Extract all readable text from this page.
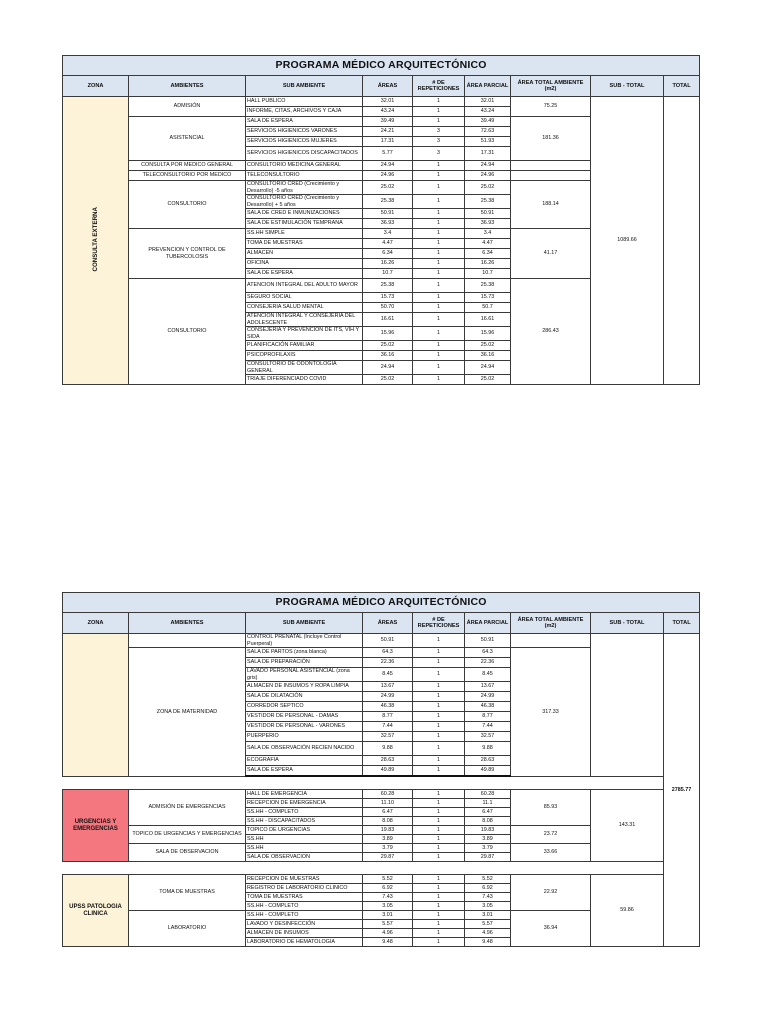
PROGRAMA MÉDICO ARQUITECTÓNICO								
ZONA	AMBIENTES	SUB AMBIENTE	ÁREAS	# DE REPETICIONES	ÁREA PARCIAL	ÁREA TOTAL AMBIENTE (m2)	SUB - TOTAL	TOTAL
CONSULTA EXTERNA	ADMISIÓN	HALL PUBLICO	32.01	1	32.01	75.25	1089.66	
		INFORME, CITAS, ARCHIVOS Y CAJA	43.24	1	43.24			
	ASISTENCIAL	SALA DE ESPERA	39.49	1	39.49	181.36		
		SERVICIOS HIGIENICOS VARONES	24.21	3	72.63			
		SERVICIOS HIGIENICOS MUJERES	17.31	3	51.93			
		SERVICIOS HIGIENICOS DISCAPACITADOS	5.77	3	17.31			
	CONSULTA POR MEDICO GENERAL	CONSULTORIO MEDICINA GENERAL	24.94	1	24.94			
	TELECONSULTORIO POR MEDICO	TELECONSULTORIO	24.96	1	24.96			
	CONSULTORIO	CONSULTORIO CRED (Crecimiento y Desarrollo) -5 años	25.02	1	25.02	188.14		
		CONSULTORIO CRED (Crecimiento y Desarrollo) + 5 años	25.38	1	25.38			
		SALA DE CRED E INMUNIZACIONES	50.91	1	50.91			
		SALA DE ESTIMULACIÓN TEMPRANA	36.93	1	36.93			
	PREVENCION Y CONTROL DE TUBERCOLOSIS	SS.HH SIMPLE	3.4	1	3.4	41.17		
		TOMA DE MUESTRAS	4.47	1	4.47			
		ALMACEN	6.34	1	6.34			
		OFICINA	16.26	1	16.26			
		SALA DE ESPERA	10.7	1	10.7			
	CONSULTORIO	ATENCION INTEGRAL DEL ADULTO MAYOR	25.38	1	25.38	286.43		
		SEGURO SOCIAL	15.73	1	15.73			
		CONSEJERIA SALUD MENTAL	50.70	1	50.7			
		ATENCION INTEGRAL Y CONSEJERIA DEL ADOLESCENTE	16.61	1	16.61			
		CONSEJERIA Y PREVENCION DE ITS, VIH Y SIDA	15.96	1	15.96			
		PLANIFICACIÓN FAMILIAR	25.02	1	25.02			
		PSICOPROFILAXIS	36.16	1	36.16			
		CONSULTORIO DE ODONTOLOGIA GENERAL	24.94	1	24.94			
		TRIAJE DIFERENCIADO COVID	25.02	1	25.02			
PROGRAMA MÉDICO ARQUITECTÓNICO								
ZONA	AMBIENTES	SUB AMBIENTE	ÁREAS	# DE REPETICIONES	ÁREA PARCIAL	ÁREA TOTAL AMBIENTE (m2)	SUB - TOTAL	TOTAL
		CONTROL PRENATAL (Incluye Control Puerperal)	50.91	1	50.91			2785.77
	ZONA DE MATERNIDAD	SALA DE PARTOS (zona blanca)	64.3	1	64.3	317.33		
		SALA DE PREPARACIÓN	22.36	1	22.36			
		LAVADO PERSONAL ASISTENCIAL (zona gris)	8.45	1	8.45			
		ALMACEN DE INSUMOS Y ROPA LIMPIA	13.67	1	13.67			
		SALA DE DILATACIÓN	24.99	1	24.99			
		CORREDOR SEPTICO	46.38	1	46.38			
		VESTIDOR DE PERSONAL - DAMAS	8.77	1	8.77			
		VESTIDOR DE PERSONAL - VARONES	7.44	1	7.44			
		PUERPERIO	32.57	1	32.57			
		SALA DE OBSERVACIÓN RECIEN NACIDO	9.88	1	9.88			
		ECOGRAFIA	28.63	1	28.63			
		SALA DE ESPERA	49.89	1	49.89			

URGENCIAS Y EMERGENCIAS	ADMISIÓN DE EMERGENCIAS	HALL DE EMERGENCIA	60.28	1	60.28	85.93	143.31	
		RECEPCION DE EMERGENCIA	11.10	1	11.1			
		SS.HH - COMPLETO	6.47	1	6.47			
		SS.HH - DISCAPACITADOS	8.08	1	8.08			
	TOPICO DE URGENCIAS Y EMERGENCIAS	TOPICO DE URGENCIAS	19.83	1	19.83	23.72		
		SS.HH	3.89	1	3.89			
	SALA DE OBSERVACION	SS.HH	3.79	1	3.79	33.66		
		SALA DE OBSERVACION	29.87	1	29.87			

UPSS PATOLOGIA CLINICA	TOMA DE MUESTRAS	RECEPCION DE MUESTRAS	5.52	1	5.52	22.92	59.86	
		REGISTRO DE LABORATORIO CLINICO	6.92	1	6.92			
		TOMA DE MUESTRAS	7.43	1	7.43			
		SS.HH - COMPLETO	3.05	1	3.05			
	LABORATORIO	SS.HH - COMPLETO	3.01	1	3.01	36.94		
		LAVADO Y DESINFECCIÓN	5.57	1	5.57			
		ALMACEN DE INSUMOS	4.96	1	4.96			
		LABORATORIO DE HEMATOLOGIA	9.48	1	9.48			
